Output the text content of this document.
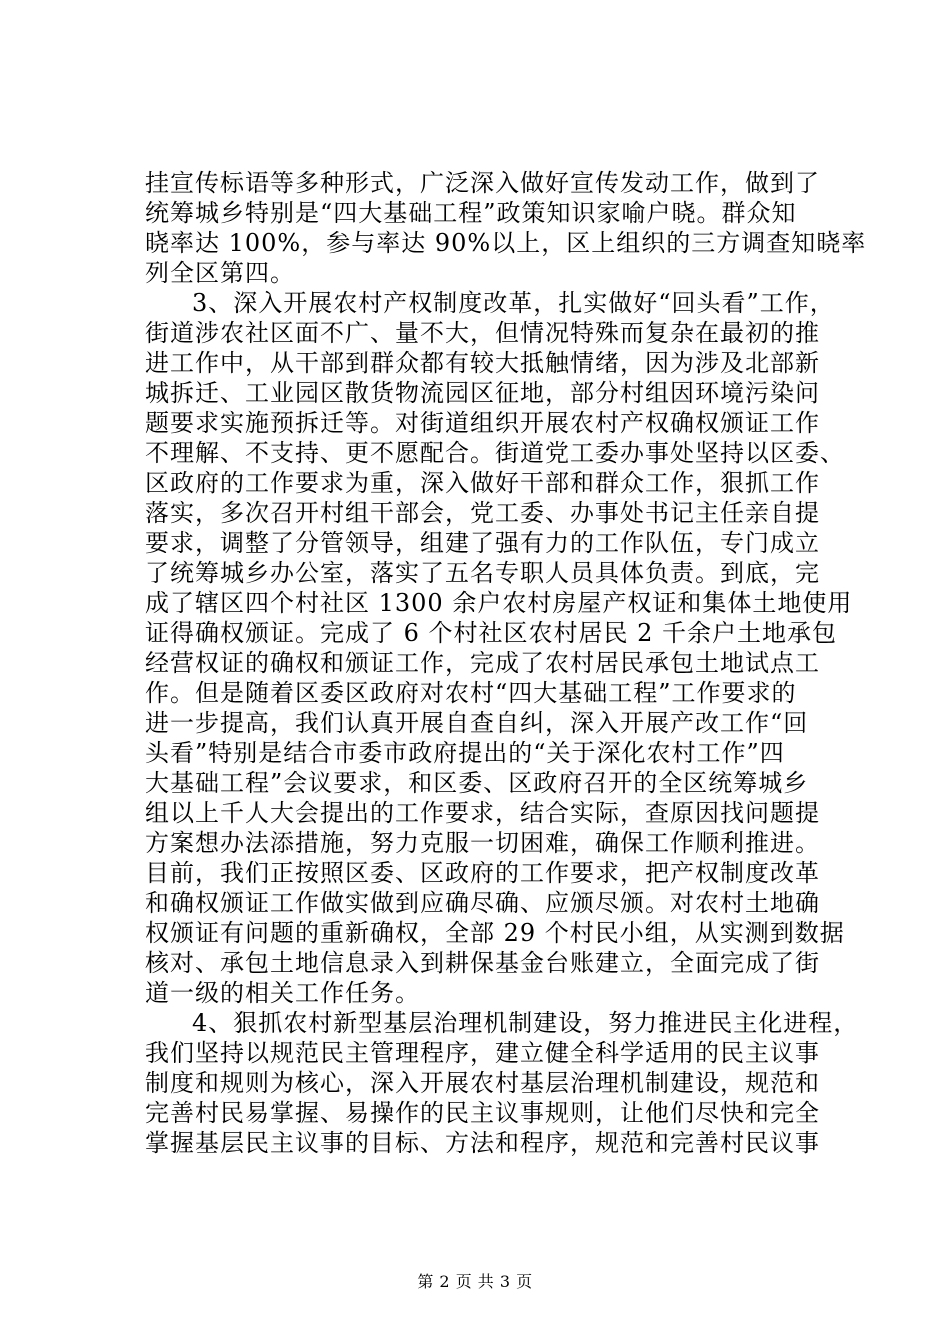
挂宣传标语等多种形式，广泛深入做好宣传发动工作，做到了
统筹城乡特别是“四大基础工程”政策知识家喻户晓。群众知
晓率达 100%，参与率达 90%以上，区上组织的三方调查知晓率
列全区第四。
3、深入开展农村产权制度改革，扎实做好“回头看”工作，
街道涉农社区面不广、量不大，但情况特殊而复杂在最初的推
进工作中，从干部到群众都有较大抵触情绪，因为涉及北部新
城拆迁、工业园区散货物流园区征地，部分村组因环境污染问
题要求实施预拆迁等。对街道组织开展农村产权确权颁证工作
不理解、不支持、更不愿配合。街道党工委办事处坚持以区委、
区政府的工作要求为重，深入做好干部和群众工作，狠抓工作
落实，多次召开村组干部会，党工委、办事处书记主任亲自提
要求，调整了分管领导，组建了强有力的工作队伍，专门成立
了统筹城乡办公室，落实了五名专职人员具体负责。到底，完
成了辖区四个村社区 1300 余户农村房屋产权证和集体土地使用
证得确权颁证。完成了 6 个村社区农村居民 2 千余户土地承包
经营权证的确权和颁证工作，完成了农村居民承包土地试点工
作。但是随着区委区政府对农村“四大基础工程”工作要求的
进一步提高，我们认真开展自查自纠，深入开展产改工作“回
头看”特别是结合市委市政府提出的“关于深化农村工作”四
大基础工程”会议要求，和区委、区政府召开的全区统筹城乡
组以上千人大会提出的工作要求，结合实际，查原因找问题提
方案想办法添措施，努力克服一切困难，确保工作顺利推进。
目前，我们正按照区委、区政府的工作要求，把产权制度改革
和确权颁证工作做实做到应确尽确、应颁尽颁。对农村土地确
权颁证有问题的重新确权，全部 29 个村民小组，从实测到数据
核对、承包土地信息录入到耕保基金台账建立，全面完成了街
道一级的相关工作任务。
4、狠抓农村新型基层治理机制建设，努力推进民主化进程，
我们坚持以规范民主管理程序，建立健全科学适用的民主议事
制度和规则为核心，深入开展农村基层治理机制建设，规范和
完善村民易掌握、易操作的民主议事规则，让他们尽快和完全
掌握基层民主议事的目标、方法和程序，规范和完善村民议事
第 2 页 共 3 页
